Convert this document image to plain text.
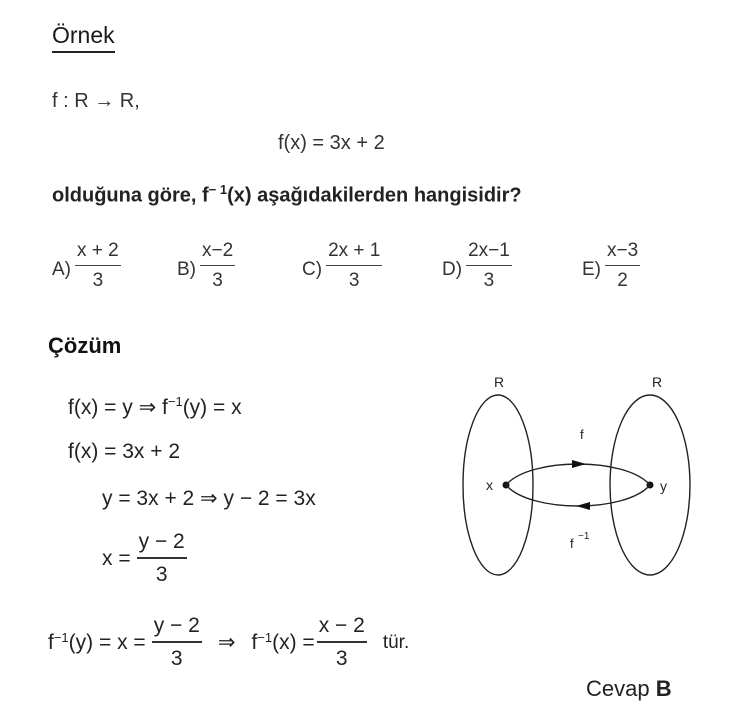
Örnek
f : R → R,
f(x) = 3x + 2
olduğuna göre, $f^{- 1}(x)$ aşağıdakilerden hangisidir?
$A) \frac{x + 2}{3}$	$B) \frac{x-2}{3}$	$C) \frac{2x + 1}{3}$	$D) \frac{2x-1}{3}$	$E) \frac{x-3}{2}$
Çözüm
f(x) = y ⇒ $f^{-1}(y) = x$
f(x) = 3x + 2
y = 3x + 2 ⇒ y − 2 = 3x
$x = \frac{y - 2}{3}$
$f^{-1}$ $(y) = x = \frac{y - 2}{3}$ ⇒ $f^{-1}$ $(x) = \frac{x - 2}{3}$ tür.
R	R
x	y
f
f −1
Cevap B
